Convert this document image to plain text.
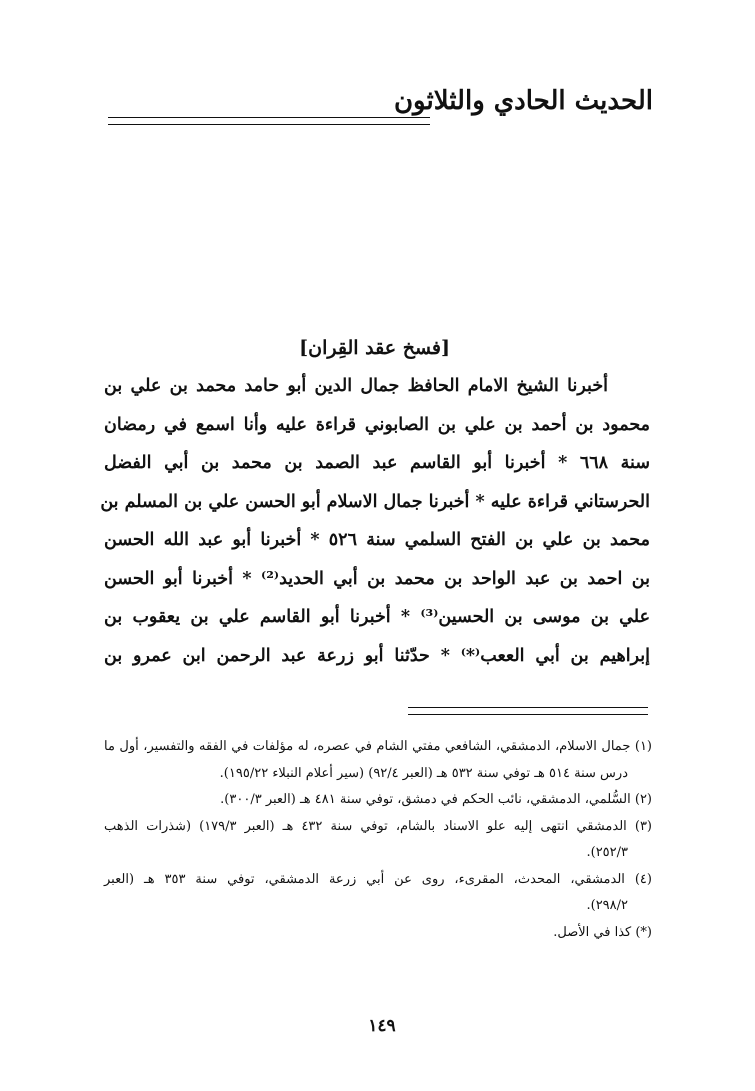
الحديث الحادي والثلاثون
[فسخ عقد القِران]
أخبرنا الشيخ الامام الحافظ جمال الدين أبو حامد محمد بن علي بن
محمود بن أحمد بن علي بن الصابوني قراءة عليه وأنا اسمع في رمضان
سنة ٦٦٨ * أخبرنا أبو القاسم عبد الصمد بن محمد بن أبي الفضل
الحرستاني قراءة عليه * أخبرنا جمال الاسلام أبو الحسن علي بن المسلم بن
محمد بن علي بن الفتح السلمي سنة ٥٢٦ * أخبرنا أبو عبد الله الحسن
بن احمد بن عبد الواحد بن محمد بن أبي الحديد⁽²⁾ * أخبرنا أبو الحسن
علي بن موسى بن الحسين⁽³⁾ * أخبرنا أبو القاسم علي بن يعقوب بن
إبراهيم بن أبي الععب⁽*⁾ * حدّثنا أبو زرعة عبد الرحمن ابن عمرو بن
(١) جمال الاسلام، الدمشقي، الشافعي مفتي الشام في عصره، له مؤلفات في الفقه والتفسير، أول ما
درس سنة ٥١٤ هـ توفي سنة ٥٣٢ هـ (العبر ٩٢/٤) (سير أعلام النبلاء ١٩٥/٢٢).
(٢) السُّلمي، الدمشقي، نائب الحكم في دمشق، توفي سنة ٤٨١ هـ (العبر ٣٠٠/٣).
(٣) الدمشقي انتهى إليه علو الاسناد بالشام، توفي سنة ٤٣٢ هـ (العبر ١٧٩/٣) (شذرات الذهب
٢٥٢/٣).
(٤) الدمشقي، المحدث، المقرىء، روى عن أبي زرعة الدمشقي، توفي سنة ٣٥٣ هـ (العبر
٢٩٨/٢).
(*) كذا في الأصل.
١٤٩
